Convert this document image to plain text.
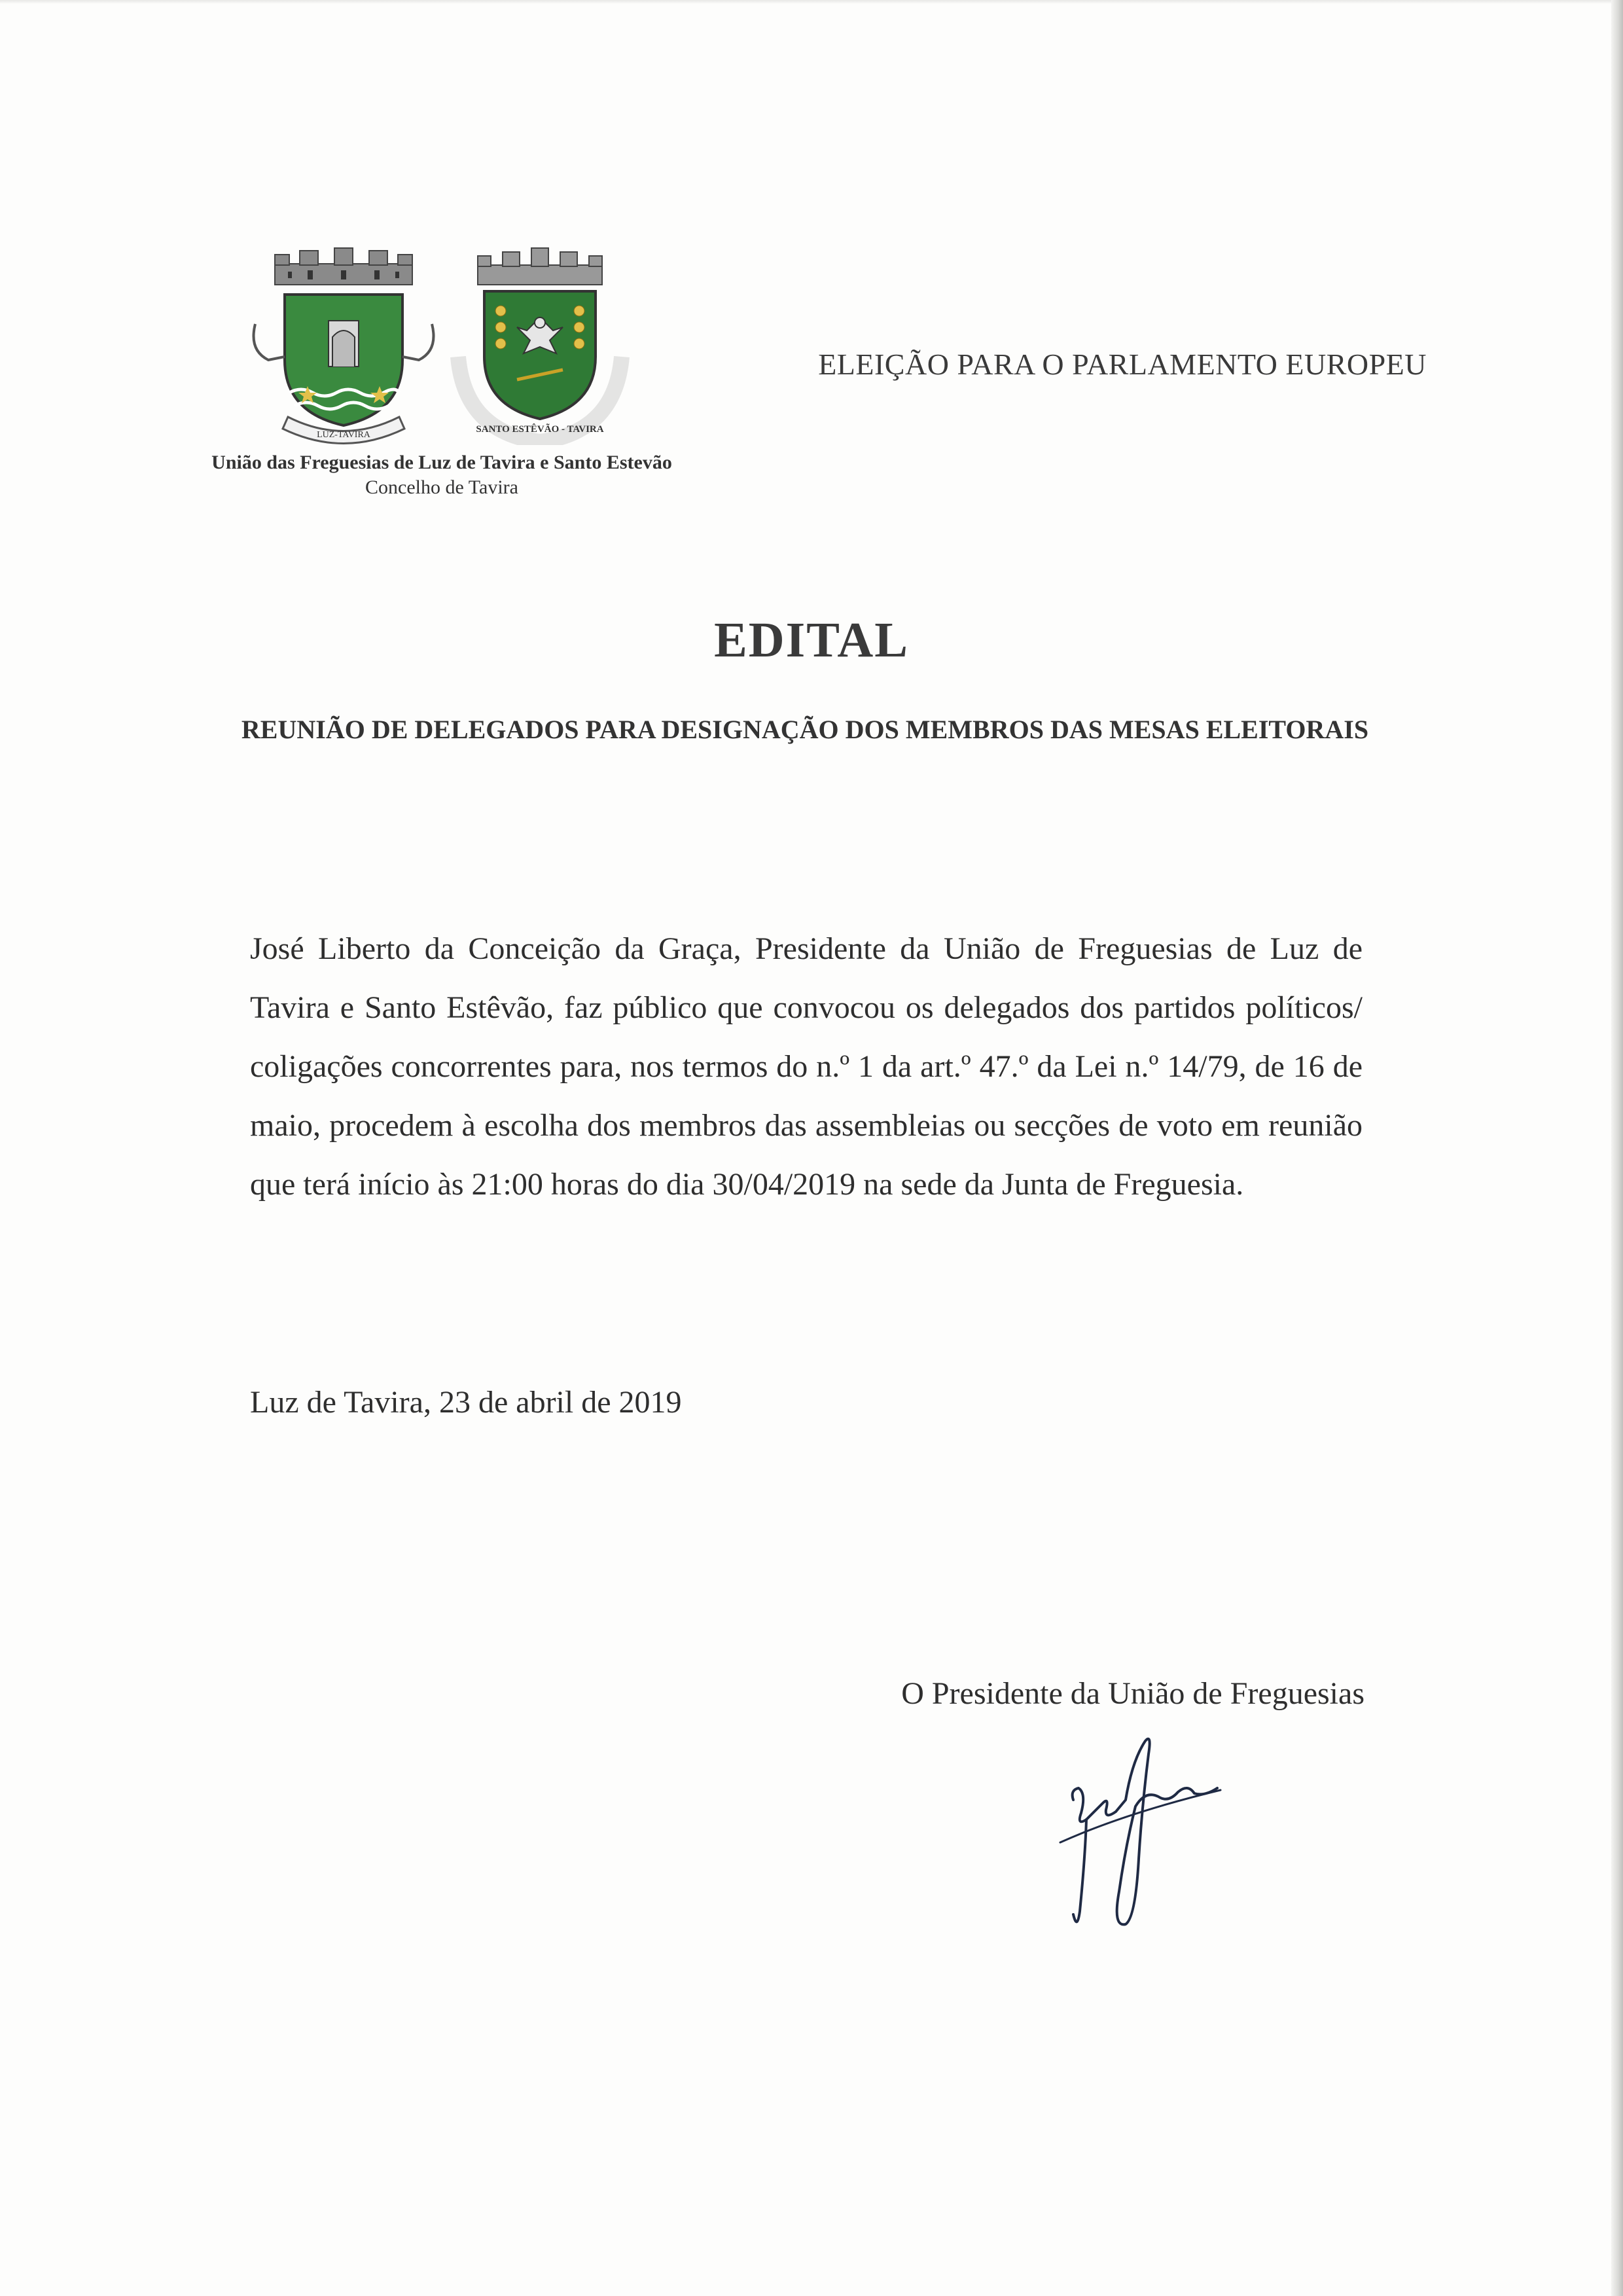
LUZ-TAVIRA
SANTO ESTÊVÃO - TAVIRA
União das Freguesias de Luz de Tavira e Santo Estevão
Concelho de Tavira
ELEIÇÃO PARA O PARLAMENTO EUROPEU
EDITAL
REUNIÃO DE DELEGADOS PARA DESIGNAÇÃO DOS MEMBROS DAS MESAS ELEITORAIS
José Liberto da Conceição da Graça, Presidente da União de Freguesias de Luz de Tavira e Santo Estêvão, faz público que convocou os delegados dos partidos políticos/ coligações concorrentes para, nos termos do n.º 1 da art.º 47.º da Lei n.º 14/79, de 16 de maio, procedem à escolha dos membros das assembleias ou secções de voto em reunião que terá início às 21:00 horas do dia 30/04/2019 na sede da Junta de Freguesia.
Luz de Tavira, 23 de abril de 2019
O Presidente da União de Freguesias
